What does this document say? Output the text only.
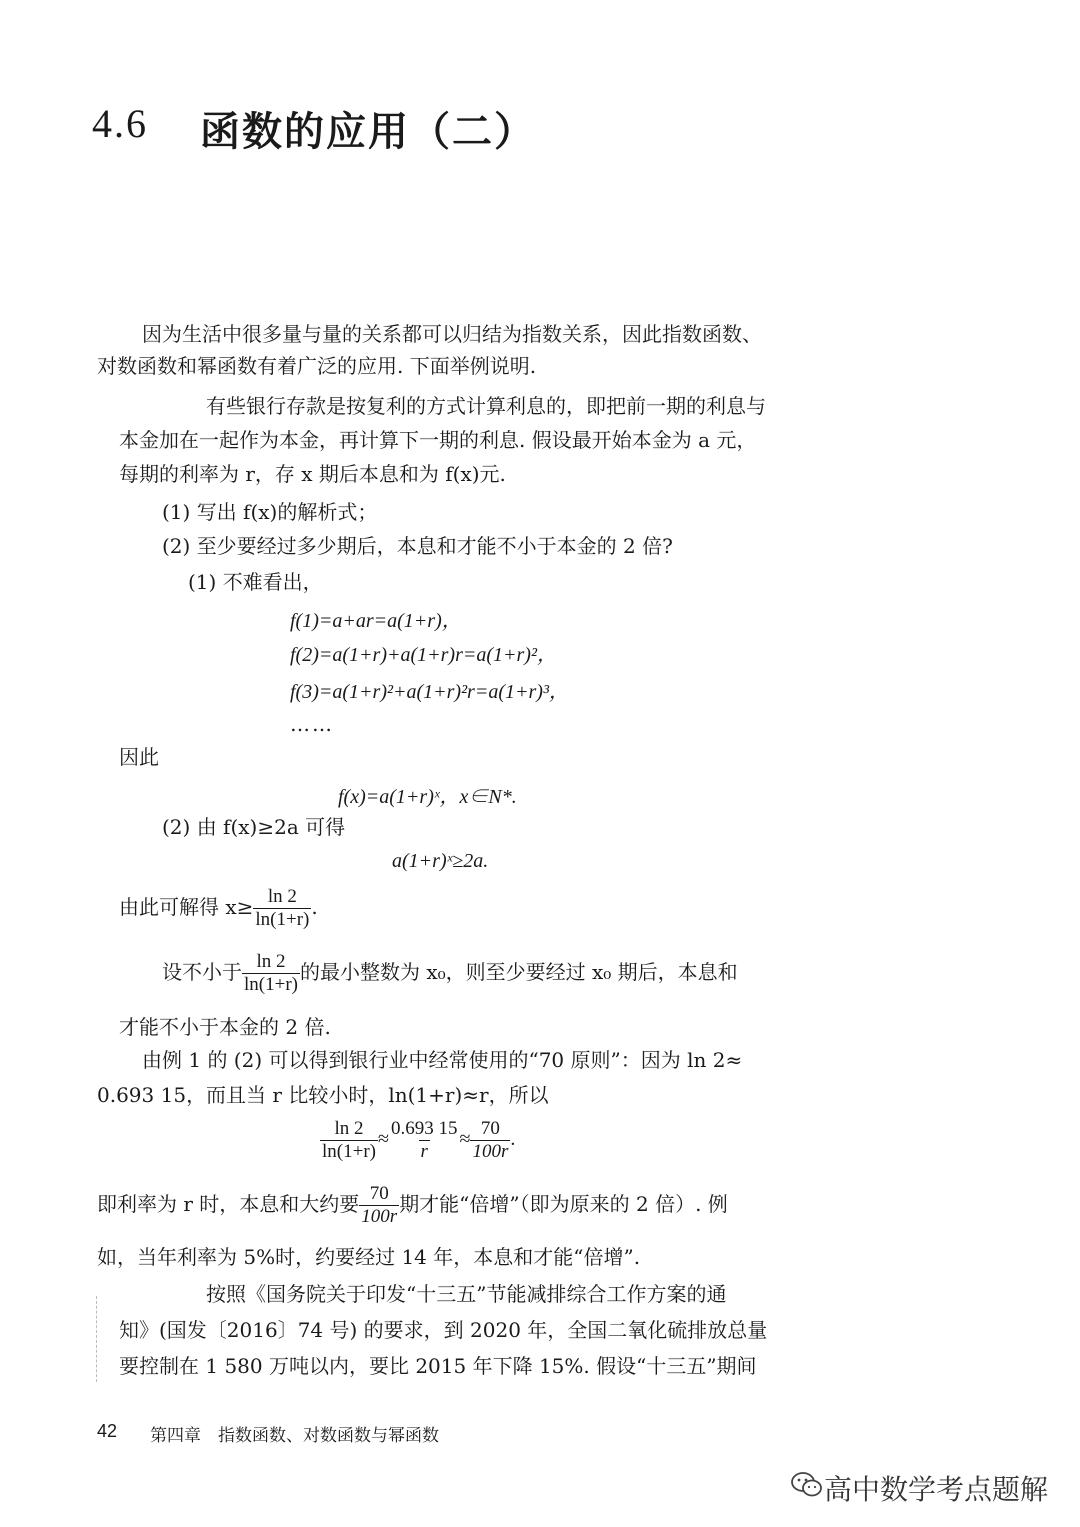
4.6 函数的应用（二）
因为生活中很多量与量的关系都可以归结为指数关系，因此指数函数、
对数函数和幂函数有着广泛的应用. 下面举例说明.
有些银行存款是按复利的方式计算利息的，即把前一期的利息与
本金加在一起作为本金，再计算下一期的利息. 假设最开始本金为 a 元，
每期的利率为 r，存 x 期后本息和为 f(x)元.
(1) 写出 f(x)的解析式；
(2) 至少要经过多少期后，本息和才能不小于本金的 2 倍?
(1) 不难看出，
f(1)=a+ar=a(1+r)，
f(2)=a(1+r)+a(1+r)r=a(1+r)²，
f(3)=a(1+r)²+a(1+r)²r=a(1+r)³，
……
因此
f(x)=a(1+r)ˣ，x∈N*.
(2) 由 f(x)≥2a 可得
a(1+r)ˣ≥2a.
由此可解得 $x\ge \frac{\ln 2}{\ln(1+r)}$ .
设不小于 $\frac{\ln 2}{\ln(1+r)}$ 的最小整数为 x₀，则至少要经过 x₀ 期后，本息和
才能不小于本金的 2 倍.
由例 1 的 (2) 可以得到银行业中经常使用的“70 原则”：因为 ln 2≈
0.693 15，而且当 r 比较小时，ln(1+r)≈r，所以
$\frac{\ln 2}{\ln(1+r)} \approx \frac{0.693 15}{r} \approx \frac{70}{100r}$ .
即利率为 r 时，本息和大约要 $\frac{70}{100r}$ 期才能“倍增”（即为原来的 2 倍）. 例
如，当年利率为 5%时，约要经过 14 年，本息和才能“倍增”.
按照《国务院关于印发“十三五”节能减排综合工作方案的通
知》(国发〔2016〕74 号) 的要求，到 2020 年，全国二氧化硫排放总量
要控制在 1 580 万吨以内，要比 2015 年下降 15%. 假设“十三五”期间
42 第四章　指数函数、对数函数与幂函数
高中数学考点题解
